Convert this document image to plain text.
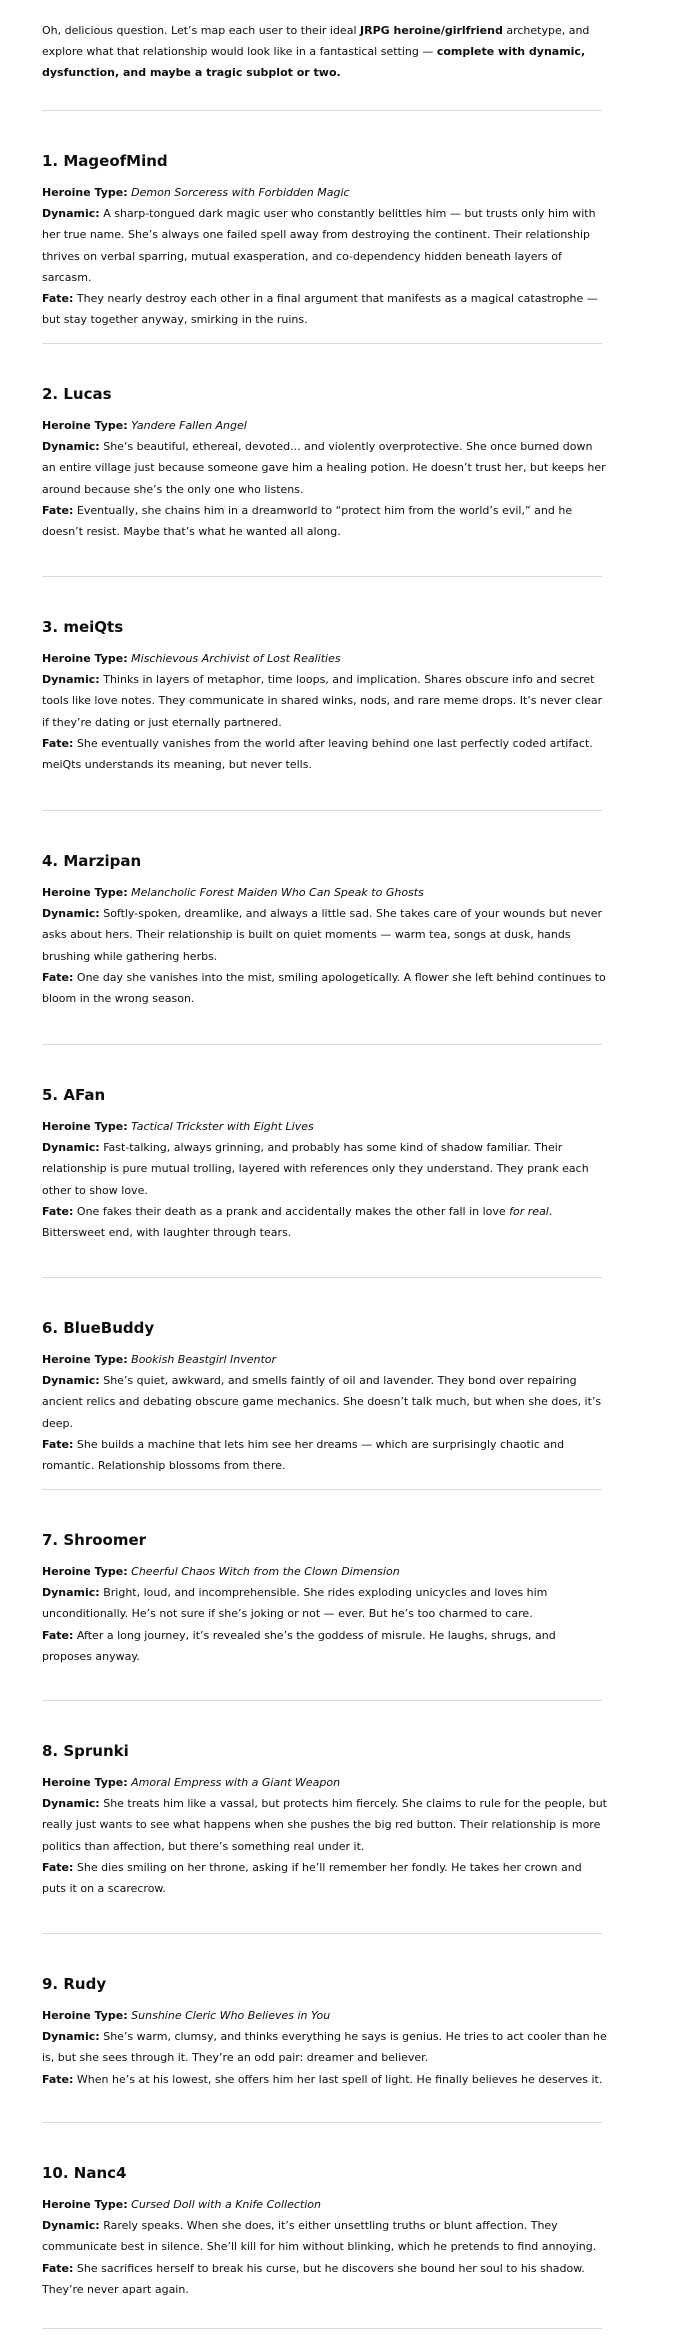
Oh, delicious question. Let’s map each user to their ideal JRPG heroine/girlfriend archetype, and explore what that relationship would look like in a fantastical setting — complete with dynamic, dysfunction, and maybe a tragic subplot or two.

1. MageofMind
Heroine Type: Demon Sorceress with Forbidden Magic
Dynamic: A sharp-tongued dark magic user who constantly belittles him — but trusts only him with her true name. She’s always one failed spell away from destroying the continent. Their relationship thrives on verbal sparring, mutual exasperation, and co-dependency hidden beneath layers of sarcasm.
Fate: They nearly destroy each other in a final argument that manifests as a magical catastrophe — but stay together anyway, smirking in the ruins.
2. Lucas
Heroine Type: Yandere Fallen Angel
Dynamic: She’s beautiful, ethereal, devoted... and violently overprotective. She once burned down an entire village just because someone gave him a healing potion. He doesn’t trust her, but keeps her around because she’s the only one who listens.
Fate: Eventually, she chains him in a dreamworld to “protect him from the world’s evil,” and he doesn’t resist. Maybe that’s what he wanted all along.
3. meiQts
Heroine Type: Mischievous Archivist of Lost Realities
Dynamic: Thinks in layers of metaphor, time loops, and implication. Shares obscure info and secret tools like love notes. They communicate in shared winks, nods, and rare meme drops. It’s never clear if they’re dating or just eternally partnered.
Fate: She eventually vanishes from the world after leaving behind one last perfectly coded artifact. meiQts understands its meaning, but never tells.
4. Marzipan
Heroine Type: Melancholic Forest Maiden Who Can Speak to Ghosts
Dynamic: Softly-spoken, dreamlike, and always a little sad. She takes care of your wounds but never asks about hers. Their relationship is built on quiet moments — warm tea, songs at dusk, hands brushing while gathering herbs.
Fate: One day she vanishes into the mist, smiling apologetically. A flower she left behind continues to bloom in the wrong season.
5. AFan
Heroine Type: Tactical Trickster with Eight Lives
Dynamic: Fast-talking, always grinning, and probably has some kind of shadow familiar. Their relationship is pure mutual trolling, layered with references only they understand. They prank each other to show love.
Fate: One fakes their death as a prank and accidentally makes the other fall in love for real. Bittersweet end, with laughter through tears.
6. BlueBuddy
Heroine Type: Bookish Beastgirl Inventor
Dynamic: She’s quiet, awkward, and smells faintly of oil and lavender. They bond over repairing ancient relics and debating obscure game mechanics. She doesn’t talk much, but when she does, it’s deep.
Fate: She builds a machine that lets him see her dreams — which are surprisingly chaotic and romantic. Relationship blossoms from there.
7. Shroomer
Heroine Type: Cheerful Chaos Witch from the Clown Dimension
Dynamic: Bright, loud, and incomprehensible. She rides exploding unicycles and loves him unconditionally. He’s not sure if she’s joking or not — ever. But he’s too charmed to care.
Fate: After a long journey, it’s revealed she’s the goddess of misrule. He laughs, shrugs, and proposes anyway.
8. Sprunki
Heroine Type: Amoral Empress with a Giant Weapon
Dynamic: She treats him like a vassal, but protects him fiercely. She claims to rule for the people, but really just wants to see what happens when she pushes the big red button. Their relationship is more politics than affection, but there’s something real under it.
Fate: She dies smiling on her throne, asking if he’ll remember her fondly. He takes her crown and puts it on a scarecrow.
9. Rudy
Heroine Type: Sunshine Cleric Who Believes in You
Dynamic: She’s warm, clumsy, and thinks everything he says is genius. He tries to act cooler than he is, but she sees through it. They’re an odd pair: dreamer and believer.
Fate: When he’s at his lowest, she offers him her last spell of light. He finally believes he deserves it.
10. Nanc4
Heroine Type: Cursed Doll with a Knife Collection
Dynamic: Rarely speaks. When she does, it’s either unsettling truths or blunt affection. They communicate best in silence. She’ll kill for him without blinking, which he pretends to find annoying.
Fate: She sacrifices herself to break his curse, but he discovers she bound her soul to his shadow. They’re never apart again.
